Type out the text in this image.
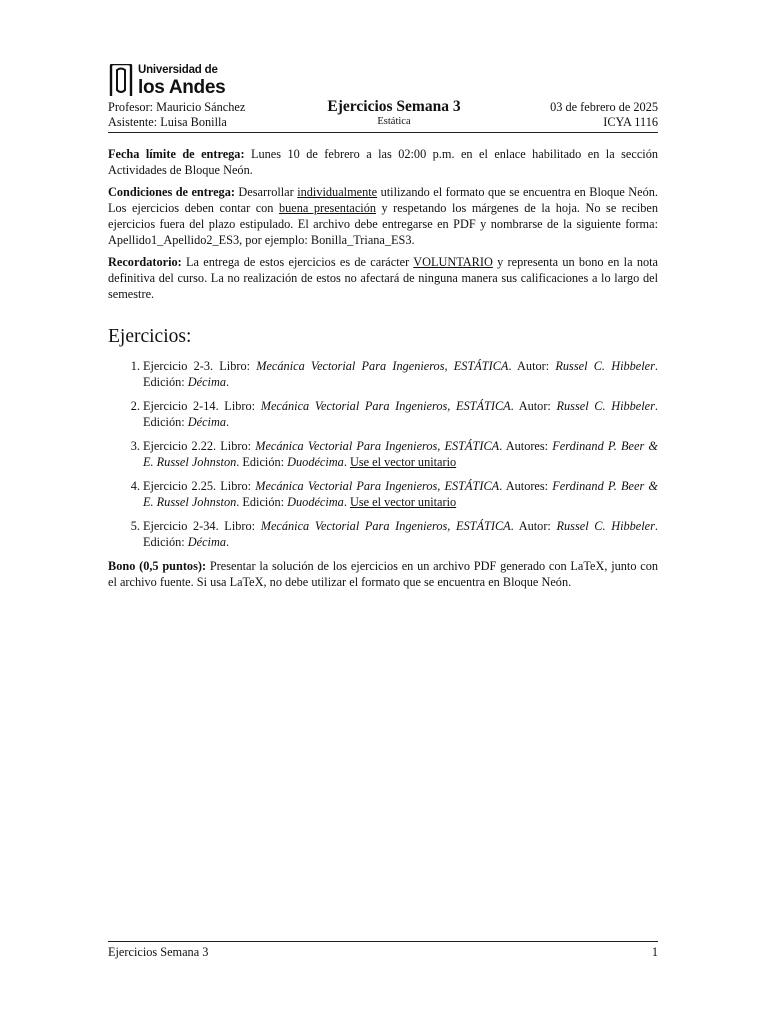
Universidad de
los Andes
Profesor: Mauricio Sánchez	Ejercicios Semana 3	03 de febrero de 2025
Asistente: Luisa Bonilla	Estática	ICYA 1116

Fecha límite de entrega: Lunes 10 de febrero a las 02:00 p.m. en el enlace habilitado en la sección Actividades de Bloque Neón.

Condiciones de entrega: Desarrollar individualmente utilizando el formato que se encuentra en Bloque Neón. Los ejercicios deben contar con buena presentación y respetando los márgenes de la hoja. No se reciben ejercicios fuera del plazo estipulado. El archivo debe entregarse en PDF y nombrarse de la siguiente forma: Apellido1_Apellido2_ES3, por ejemplo: Bonilla_Triana_ES3.

Recordatorio: La entrega de estos ejercicios es de carácter VOLUNTARIO y representa un bono en la nota definitiva del curso. La no realización de estos no afectará de ninguna manera sus calificaciones a lo largo del semestre.

Ejercicios:
1. Ejercicio 2-3. Libro: Mecánica Vectorial Para Ingenieros, ESTÁTICA. Autor: Russel C. Hibbeler. Edición: Décima.
2. Ejercicio 2-14. Libro: Mecánica Vectorial Para Ingenieros, ESTÁTICA. Autor: Russel C. Hibbeler. Edición: Décima.
3. Ejercicio 2.22. Libro: Mecánica Vectorial Para Ingenieros, ESTÁTICA. Autores: Ferdinand P. Beer & E. Russel Johnston. Edición: Duodécima. Use el vector unitario
4. Ejercicio 2.25. Libro: Mecánica Vectorial Para Ingenieros, ESTÁTICA. Autores: Ferdinand P. Beer & E. Russel Johnston. Edición: Duodécima. Use el vector unitario
5. Ejercicio 2-34. Libro: Mecánica Vectorial Para Ingenieros, ESTÁTICA. Autor: Russel C. Hibbeler. Edición: Décima.

Bono (0,5 puntos): Presentar la solución de los ejercicios en un archivo PDF generado con LaTeX, junto con el archivo fuente. Si usa LaTeX, no debe utilizar el formato que se encuentra en Bloque Neón.

Ejercicios Semana 3	1
